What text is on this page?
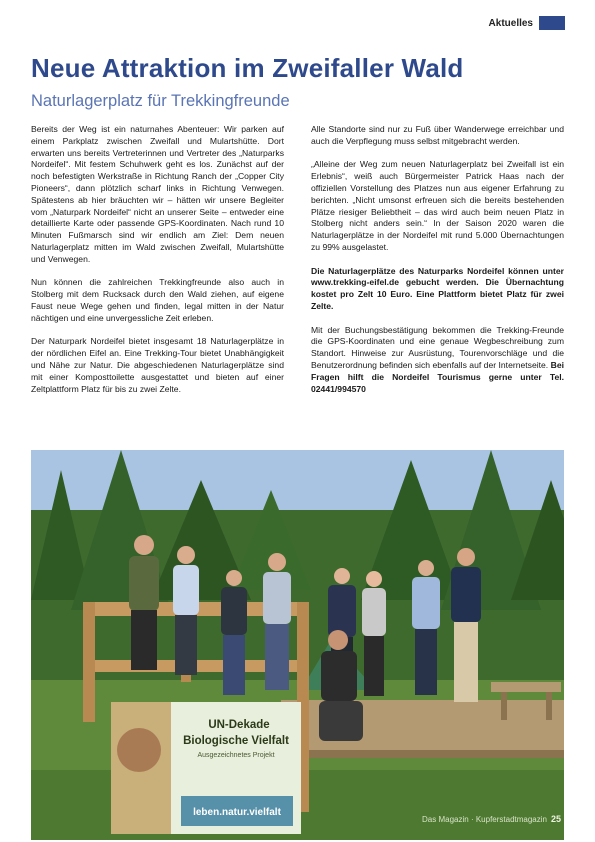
Aktuelles
Neue Attraktion im Zweifaller Wald
Naturlagerplatz für Trekkingfreunde

Bereits der Weg ist ein naturnahes Abenteuer: Wir parken auf einem Parkplatz zwischen Zweifall und Mulartshütte. Dort erwarten uns bereits Vertreterinnen und Vertreter des „Naturparks Nordeifel“. Mit festem Schuhwerk geht es los. Zunächst auf der noch befestigten Werkstraße in Richtung Ranch der „Copper City Pioneers“, dann plötzlich scharf links in Richtung Venwegen. Spätestens ab hier bräuchten wir – hätten wir unsere Begleiter vom „Naturpark Nordeifel“ nicht an unserer Seite – entweder eine detaillierte Karte oder passende GPS-Koordinaten. Nach rund 10 Minuten Fußmarsch sind wir endlich am Ziel: Dem neuen Naturlagerplatz mitten im Wald zwischen Zweifall, Mulartshütte und Venwegen.

Nun können die zahlreichen Trekkingfreunde also auch in Stolberg mit dem Rucksack durch den Wald ziehen, auf eigene Faust neue Wege gehen und finden, legal mitten in der Natur nächtigen und eine unvergessliche Zeit erleben.

Der Naturpark Nordeifel bietet insgesamt 18 Naturlagerplätze in der nördlichen Eifel an. Eine Trekking-Tour bietet Unabhängigkeit und Nähe zur Natur. Die abgeschiedenen Naturlagerplätze sind mit einer Komposttoilette ausgestattet und bieten auf einer Zeltplattform Platz für bis zu zwei Zelte.

Alle Standorte sind nur zu Fuß über Wanderwege erreichbar und auch die Verpflegung muss selbst mitgebracht werden.

„Alleine der Weg zum neuen Naturlagerplatz bei Zweifall ist ein Erlebnis“, weiß auch Bürgermeister Patrick Haas nach der offiziellen Vorstellung des Platzes nun aus eigener Erfahrung zu berichten. „Nicht umsonst erfreuen sich die bereits bestehenden Plätze riesiger Beliebtheit – das wird auch beim neuen Platz in Stolberg nicht anders sein.“ In der Saison 2020 waren die Naturlagerplätze in der Nordeifel mit rund 5.000 Übernachtungen zu 99% ausgelastet.

Die Naturlagerplätze des Naturparks Nordeifel können unter www.trekking-eifel.de gebucht werden. Die Übernachtung kostet pro Zelt 10 Euro. Eine Plattform bietet Platz für zwei Zelte.

Mit der Buchungsbestätigung bekommen die Trekking-Freunde die GPS-Koordinaten und eine genaue Wegbeschreibung zum Standort. Hinweise zur Ausrüstung, Tourenvorschläge und die Benutzerordnung befinden sich ebenfalls auf der Internetseite. Bei Fragen hilft die Nordeifel Tourismus gerne unter Tel. 02441/994570

UN-Dekade
Biologische Vielfalt
Ausgezeichnetes Projekt
leben.natur.vielfalt
Das Magazin · Kupferstadtmagazin 25
